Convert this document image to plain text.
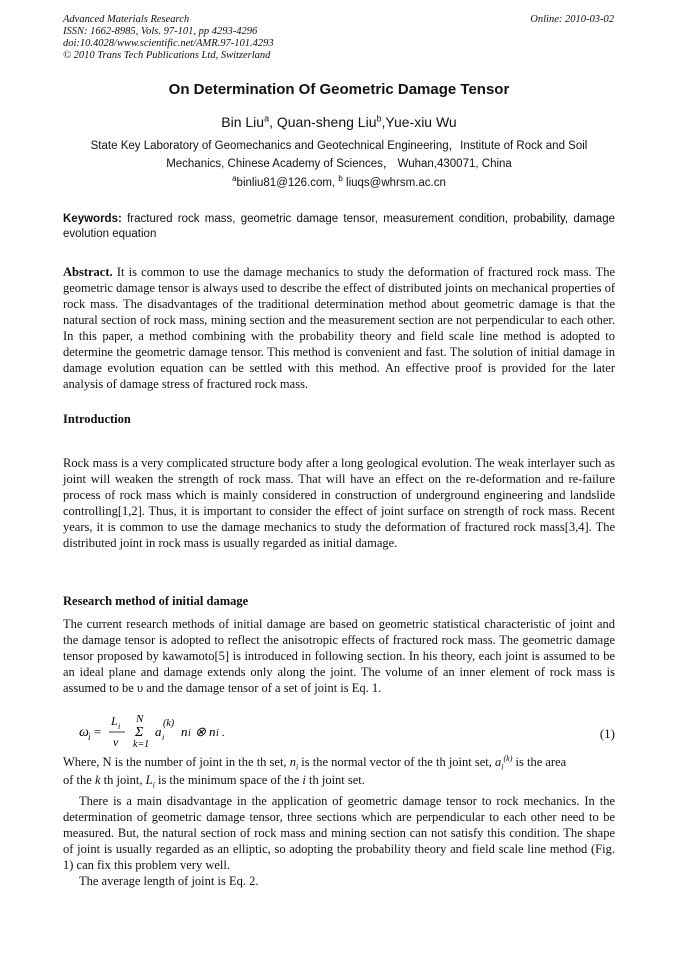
Advanced Materials Research
ISSN: 1662-8985, Vols. 97-101, pp 4293-4296
doi:10.4028/www.scientific.net/AMR.97-101.4293
© 2010 Trans Tech Publications Ltd, Switzerland
Online: 2010-03-02
On Determination Of Geometric Damage Tensor
Bin Liu$^a$, Quan-sheng Liu$^b$,Yue-xiu Wu
State Key Laboratory of Geomechanics and Geotechnical Engineering，Institute of Rock and Soil
Mechanics, Chinese Academy of Sciences， Wuhan,430071, China
$^a$binliu81@126.com, $^b$ liuqs@whrsm.ac.cn
Keywords: fractured rock mass, geometric damage tensor, measurement condition, probability, damage evolution equation
Abstract. It is common to use the damage mechanics to study the deformation of fractured rock mass. The geometric damage tensor is always used to describe the effect of distributed joints on mechanical properties of rock mass. The disadvantages of the traditional determination method about geometric damage is that the natural section of rock mass, mining section and the measurement section are not perpendicular to each other. In this paper, a method combining with the probability theory and field scale line method is adopted to determine the geometric damage tensor. This method is convenient and fast. The solution of initial damage in damage evolution equation can be settled with this method. An effective proof is provided for the later analysis of damage stress of fractured rock mass.
Introduction
Rock mass is a very complicated structure body after a long geological evolution. The weak interlayer such as joint will weaken the strength of rock mass. That will have an effect on the re-deformation and re-failure process of rock mass which is mainly considered in construction of underground engineering and landslide controlling[1,2]. Thus, it is important to consider the effect of joint surface on strength of rock mass. Recent years, it is common to use the damage mechanics to study the deformation of fractured rock mass[3,4]. The distributed joint in rock mass is usually regarded as initial damage.
Research method of initial damage
The current research methods of initial damage are based on geometric statistical characteristic of joint and the damage tensor is adopted to reflect the anisotropic effects of fractured rock mass. The geometric damage tensor proposed by kawamoto[5] is introduced in following section. In his theory, each joint is assumed to be an ideal plane and damage extends only along the joint. The volume of an inner element of rock mass is assumed to be υ and the damage tensor of a set of joint is Eq. 1.
ω i =
L i
v
N
Σ
k=1
a i
(k)
n i ⊗ n i .	(1)
Where, N is the number of joint in the th set, $n_i$ is the normal vector of the th joint set, $a_i^{(k)}$ is the area
of the k th joint, $L_i$ is the minimum space of the i th joint set.
There is a main disadvantage in the application of geometric damage tensor to rock mechanics. In the determination of geometric damage tensor, three sections which are perpendicular to each other need to be measured. But, the natural section of rock mass and mining section can not satisfy this condition. The shape of joint is usually regarded as an elliptic, so adopting the probability theory and field scale line method (Fig. 1) can fix this problem very well.
The average length of joint is Eq. 2.
